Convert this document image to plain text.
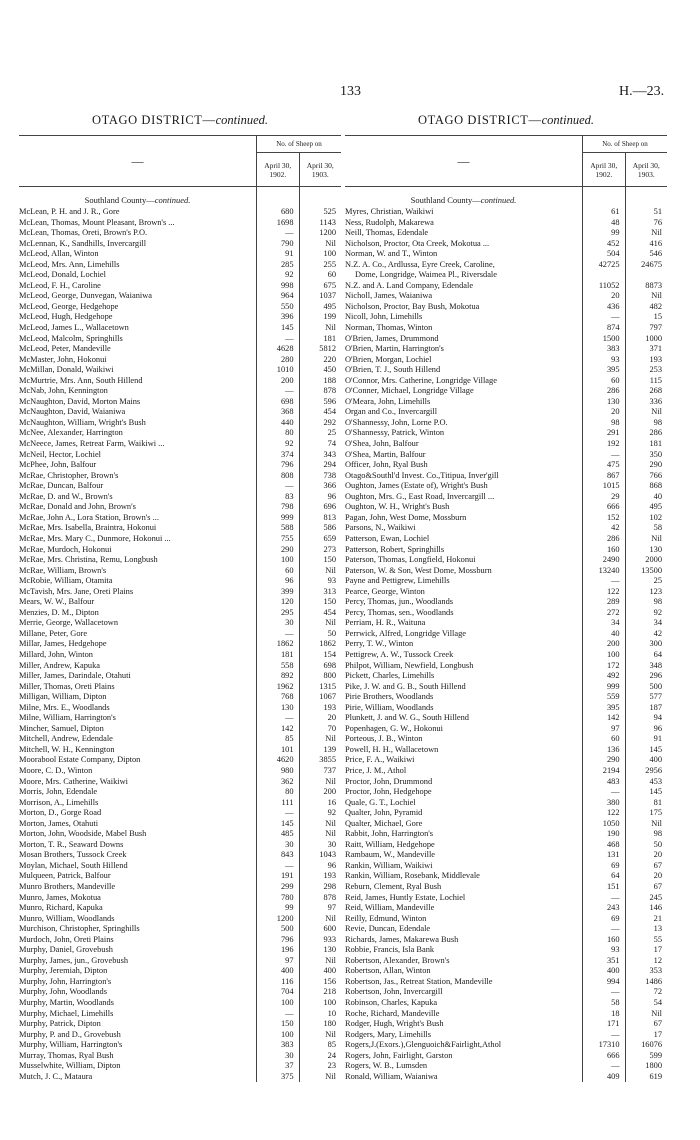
133	H.—23.
OTAGO DISTRICT—continued.
—
No. of Sheep on
April 30, 1902.
April 30, 1903.
Southland County—continued.
McLean, P. H. and J. R., Gore
McLean, Thomas, Mount Pleasant, Brown's ...
McLean, Thomas, Oreti, Brown's P.O.
McLennan, K., Sandhills, Invercargill
McLeod, Allan, Winton
McLeod, Mrs. Ann, Limehills
McLeod, Donald, Lochiel
McLeod, F. H., Caroline
McLeod, George, Dunvegan, Waianiwa
McLeod, George, Hedgehope
McLeod, Hugh, Hedgehope
McLeod, James L., Wallacetown
McLeod, Malcolm, Springhills
McLeod, Peter, Mandeville
McMaster, John, Hokonui
McMillan, Donald, Waikiwi
McMurtrie, Mrs. Ann, South Hillend
McNab, John, Kennington
McNaughton, David, Morton Mains
McNaughton, David, Waianiwa
McNaughton, William, Wright's Bush
McNee, Alexander, Harrington
McNeece, James, Retreat Farm, Waikiwi ...
McNeil, Hector, Lochiel
McPhee, John, Balfour
McRae, Christopher, Brown's
McRae, Duncan, Balfour
McRae, D. and W., Brown's
McRae, Donald and John, Brown's
McRae, John A., Lora Station, Brown's ...
McRae, Mrs. Isabella, Braintra, Hokonui
McRae, Mrs. Mary C., Dunmore, Hokonui ...
McRae, Murdoch, Hokonui
McRae, Mrs. Christina, Remu, Longbush
McRae, William, Brown's
McRobie, William, Otamita
McTavish, Mrs. Jane, Oreti Plains
Mears, W. W., Balfour
Menzies, D. M., Dipton
Merrie, George, Wallacetown
Millane, Peter, Gore
Millar, James, Hedgehope
Millard, John, Winton
Miller, Andrew, Kapuka
Miller, James, Darindale, Otahuti
Miller, Thomas, Oreti Plains
Milligan, William, Dipton
Milne, Mrs. E., Woodlands
Milne, William, Harrington's
Mincher, Samuel, Dipton
Mitchell, Andrew, Edendale
Mitchell, W. H., Kennington
Moorabool Estate Company, Dipton
Moore, C. D., Winton
Moore, Mrs. Catherine, Waikiwi
Morris, John, Edendale
Morrison, A., Limehills
Morton, D., Gorge Road
Morton, James, Otahuti
Morton, John, Woodside, Mabel Bush
Morton, T. R., Seaward Downs
Mosan Brothers, Tussock Creek
Moylan, Michael, South Hillend
Mulqueen, Patrick, Balfour
Munro Brothers, Mandeville
Munro, James, Mokotua
Munro, Richard, Kapuka
Munro, William, Woodlands
Murchison, Christopher, Springhills
Murdoch, John, Oreti Plains
Murphy, Daniel, Grovebush
Murphy, James, jun., Grovebush
Murphy, Jeremiah, Dipton
Murphy, John, Harrington's
Murphy, John, Woodlands
Murphy, Martin, Woodlands
Murphy, Michael, Limehills
Murphy, Patrick, Dipton
Murphy, P. and D., Grovebush
Murphy, William, Harrington's
Murray, Thomas, Ryal Bush
Musselwhite, William, Dipton
Mutch, J. C., Mataura
680
1698
—
790
91
285
92
998
964
550
396
145
—
4628
280
1010
200
—
698
368
440
80
92
374
796
808
—
83
798
999
588
755
290
100
60
96
399
120
295
30
—
1862
181
558
892
1962
768
130
—
142
85
101
4620
980
362
80
111
—
145
485
30
843
—
191
299
780
99
1200
500
796
196
97
400
116
704
100
—
150
100
383
30
37
375
525
1143
1200
Nil
100
255
60
675
1037
495
199
Nil
181
5812
220
450
188
878
596
454
292
25
74
343
294
738
366
96
696
813
586
659
273
150
Nil
93
313
150
454
Nil
50
1862
154
698
800
1315
1067
193
20
70
Nil
139
3855
737
Nil
200
16
92
Nil
Nil
30
1043
96
193
298
878
97
Nil
600
933
130
Nil
400
156
218
100
10
180
Nil
85
24
23
Nil
OTAGO DISTRICT—continued.
—
No. of Sheep on
April 30, 1902.
April 30, 1903.
Southland County—continued.
Myres, Christian, Waikiwi
Ness, Rudolph, Makarewa
Neill, Thomas, Edendale
Nicholson, Proctor, Ota Creek, Mokotua ...
Norman, W. and T., Winton
N.Z. A. Co., Ardlussa, Eyre Creek, Caroline,
Dome, Longridge, Waimea Pl., Riversdale
N.Z. and A. Land Company, Edendale
Nicholl, James, Waianiwa
Nicholson, Proctor, Bay Bush, Mokotua
Nicoll, John, Limehills
Norman, Thomas, Winton
O'Brien, James, Drummond
O'Brien, Martin, Harrington's
O'Brien, Morgan, Lochiel
O'Brien, T. J., South Hillend
O'Connor, Mrs. Catherine, Longridge Village
O'Conner, Michael, Longridge Village
O'Meara, John, Limehills
Organ and Co., Invercargill
O'Shannessy, John, Lorne P.O.
O'Shannessy, Patrick, Winton
O'Shea, John, Balfour
O'Shea, Martin, Balfour
Officer, John, Ryal Bush
Otago&Southl'd Invest. Co.,Titipua, Inver'gill
Oughton, James (Estate of), Wright's Bush
Oughton, Mrs. G., East Road, Invercargill ...
Oughton, W. H., Wright's Bush
Pagan, John, West Dome, Mossburn
Parsons, N., Waikiwi
Patterson, Ewan, Lochiel
Patterson, Robert, Springhills
Paterson, Thomas, Longfield, Hokonui
Paterson, W. & Son, West Dome, Mossburn
Payne and Pettigrew, Limehills
Pearce, George, Winton
Percy, Thomas, jun., Woodlands
Percy, Thomas, sen., Woodlands
Perriam, H. R., Waituna
Perrwick, Alfred, Longridge Village
Perry, T. W., Winton
Pettigrew, A. W., Tussock Creek
Philpot, William, Newfield, Longbush
Pickett, Charles, Limehills
Pike, J. W. and G. B., South Hillend
Pirie Brothers, Woodlands
Pirie, William, Woodlands
Plunkett, J. and W. G., South Hillend
Popenhagen, G. W., Hokonui
Porteous, J. B., Winton
Powell, H. H., Wallacetown
Price, F. A., Waikiwi
Price, J. M., Athol
Proctor, John, Drummond
Proctor, John, Hedgehope
Quale, G. T., Lochiel
Qualter, John, Pyramid
Qualter, Michael, Gore
Rabbit, John, Harrington's
Raitt, William, Hedgehope
Rambaum, W., Mandeville
Rankin, William, Waikiwi
Rankin, William, Rosebank, Middlevale
Reburn, Clement, Ryal Bush
Reid, James, Huntly Estate, Lochiel
Reid, William, Mandeville
Reilly, Edmund, Winton
Revie, Duncan, Edendale
Richards, James, Makarewa Bush
Robbie, Francis, Isla Bank
Robertson, Alexander, Brown's
Robertson, Allan, Winton
Robertson, Jas., Retreat Station, Mandeville
Robertson, John, Invercargill
Robinson, Charles, Kapuka
Roche, Richard, Mandeville
Rodger, Hugh, Wright's Bush
Rodgers, Mary, Limehills
Rogers,J.(Exors.),Glenguoich&Fairlight,Athol
Rogers, John, Fairlight, Garston
Rogers, W. B., Lumsden
Ronald, William, Waianiwa
61
48
99
452
504
42725
11052
20
436
—
874
1500
383
93
395
60
286
130
20
98
291
192
—
475
867
1015
29
666
152
42
286
160
2490
13240
—
122
289
272
34
40
200
100
172
492
999
559
395
142
97
60
136
290
2194
483
—
380
122
1050
190
468
131
69
64
151
—
243
69
—
160
93
351
400
994
—
58
18
171
—
17310
666
—
409
51
76
Nil
416
546
24675
8873
Nil
482
15
797
1000
371
193
253
115
268
336
Nil
98
286
181
350
290
766
868
40
495
102
58
Nil
130
2000
13500
25
123
98
92
34
42
300
64
348
296
500
577
187
94
96
91
145
400
2956
453
145
81
175
Nil
98
50
20
67
20
67
245
146
21
13
55
17
12
353
1486
72
54
Nil
67
17
16076
599
1800
619
